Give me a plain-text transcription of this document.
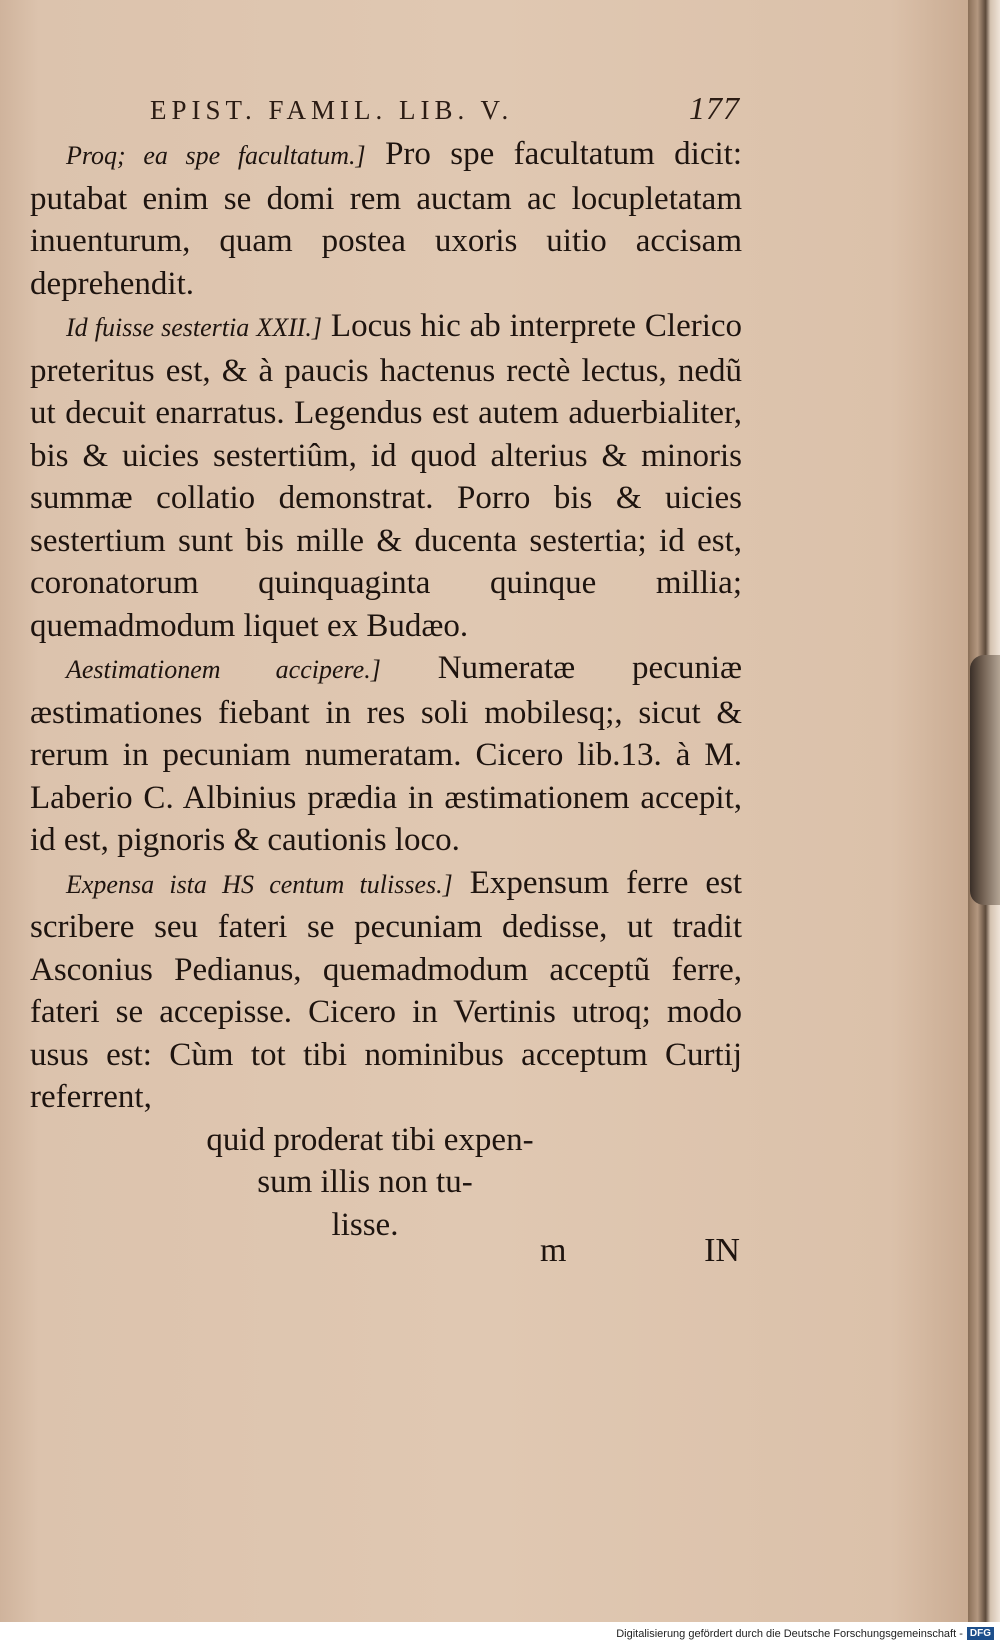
EPIST. FAMIL. LIB. V.	177

Proq; ea spe facultatum.] Pro spe facultatum dicit: putabat enim se domi rem auctam ac locupletatam inuenturum, quam postea uxoris uitio accisam deprehendit.

Id fuisse sestertia XXII.] Locus hic ab interprete Clerico preteritus est, & à paucis hactenus rectè lectus, nedũ ut decuit enarratus. Legendus est autem aduerbialiter, bis & uicies sestertiûm, id quod alterius & minoris summæ collatio demonstrat. Porro bis & uicies sestertium sunt bis mille & ducenta sestertia; id est, coronatorum quinquaginta quinque millia; quemadmodum liquet ex Budæo.

Aestimationem accipere.] Numeratæ pecuniæ æstimationes fiebant in res soli mobilesq;, sicut & rerum in pecuniam numeratam. Cicero lib.13. à M. Laberio C. Albinius prædia in æstimationem accepit, id est, pignoris & cautionis loco.

Expensa ista HS centum tulisses.] Expensum ferre est scribere seu fateri se pecuniam dedisse, ut tradit Asconius Pedianus, quemadmodum acceptũ ferre, fateri se accepisse. Cicero in Vertinis utroq; modo usus est: Cùm tot tibi nominibus acceptum Curtij referrent,

quid proderat tibi expen-

sum illis non tu-

lisse.

m	IN
Digitalisierung gefördert durch die Deutsche Forschungsgemeinschaft - DFG
